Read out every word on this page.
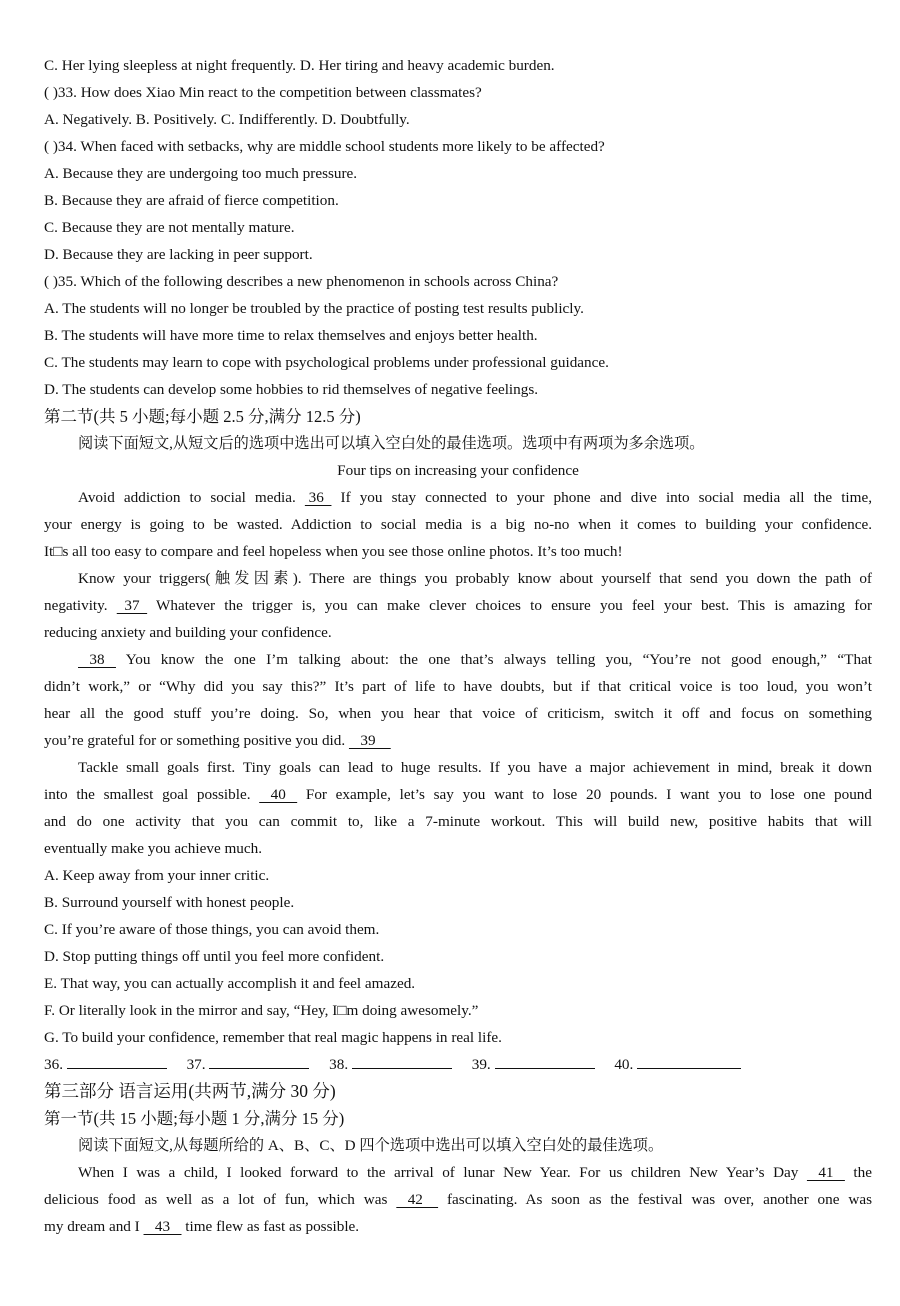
C. Her lying sleepless at night frequently. D. Her tiring and heavy academic burden.
( )33. How does Xiao Min react to the competition between classmates?
A. Negatively. B. Positively. C. Indifferently. D. Doubtfully.
( )34. When faced with setbacks, why are middle school students more likely to be affected?
A. Because they are undergoing too much pressure.
B. Because they are afraid of fierce competition.
C. Because they are not mentally mature.
D. Because they are lacking in peer support.
( )35. Which of the following describes a new phenomenon in schools across China?
A. The students will no longer be troubled by the practice of posting test results publicly.
B. The students will have more time to relax themselves and enjoys better health.
C. The students may learn to cope with psychological problems under professional guidance.
D. The students can develop some hobbies to rid themselves of negative feelings.
第二节(共 5 小题;每小题 2.5 分,满分 12.5 分)
阅读下面短文,从短文后的选项中选出可以填入空白处的最佳选项。选项中有两项为多余选项。
Four tips on increasing your confidence
Avoid addiction to social media.  36   If you stay connected to your phone and dive into social media all the time,
your energy is going to be wasted. Addiction to social media is a big no-no when it comes to building your confidence.
It□s all too easy to compare and feel hopeless when you see those online photos. It’s too much!
Know your triggers(触发因素). There are things you probably know about yourself that send you down the path of
negativity.   37   Whatever the trigger is, you can make clever choices to ensure you feel your best. This is amazing for
reducing anxiety and building your confidence.
38    You know the one I’m talking about: the one that’s always telling you, “You’re not good enough,” “That
didn’t work,” or “Why did you say this?” It’s part of life to have doubts, but if that critical voice is too loud, you won’t
hear all the good stuff you’re doing. So, when you hear that voice of criticism, switch it off and focus on something
you’re grateful for or something positive you did.    39
Tackle small goals first. Tiny goals can lead to huge results. If you have a major achievement in mind, break it down
into the smallest goal possible.    40    For example, let’s say you want to lose 20 pounds. I want you to lose one pound
and do one activity that you can commit to, like a 7-minute workout. This will build new, positive habits that will
eventually make you achieve much.
A. Keep away from your inner critic.
B. Surround yourself with honest people.
C. If you’re aware of those things, you can avoid them.
D. Stop putting things off until you feel more confident.
E. That way, you can actually accomplish it and feel amazed.
F. Or literally look in the mirror and say, “Hey, I□m doing awesomely.”
G. To build your confidence, remember that real magic happens in real life.
36.	37.	38.	39.	40.
第三部分 语言运用(共两节,满分 30 分)
第一节(共 15 小题;每小题 1 分,满分 15 分)
阅读下面短文,从每题所给的 A、B、C、D 四个选项中选出可以填入空白处的最佳选项。
When I was a child, I looked forward to the arrival of lunar New Year. For us children New Year’s Day    41    the
delicious food as well as a lot of fun, which was    42     fascinating. As soon as the festival was over, another one was
my dream and I    43    time flew as fast as possible.
